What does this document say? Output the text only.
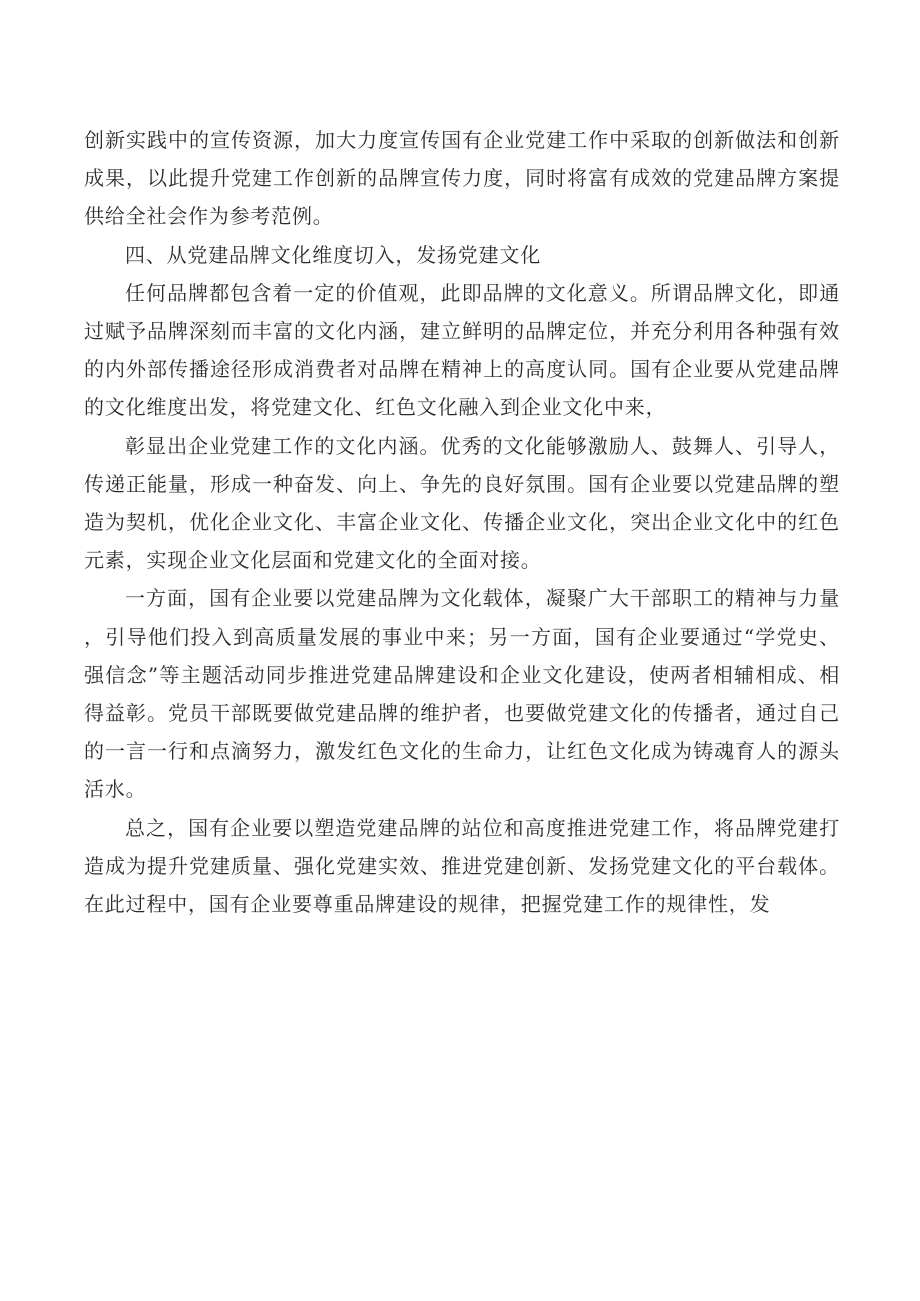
创新实践中的宣传资源，加大力度宣传国有企业党建工作中采取的创新做法和创新成果，以此提升党建工作创新的品牌宣传力度，同时将富有成效的党建品牌方案提供给全社会作为参考范例。

四、从党建品牌文化维度切入，发扬党建文化

任何品牌都包含着一定的价值观，此即品牌的文化意义。所谓品牌文化，即通过赋予品牌深刻而丰富的文化内涵，建立鲜明的品牌定位，并充分利用各种强有效的内外部传播途径形成消费者对品牌在精神上的高度认同。国有企业要从党建品牌的文化维度出发，将党建文化、红色文化融入到企业文化中来，

彰显出企业党建工作的文化内涵。优秀的文化能够激励人、鼓舞人、引导人，传递正能量，形成一种奋发、向上、争先的良好氛围。国有企业要以党建品牌的塑造为契机，优化企业文化、丰富企业文化、传播企业文化，突出企业文化中的红色元素，实现企业文化层面和党建文化的全面对接。

一方面，国有企业要以党建品牌为文化载体，凝聚广大干部职工的精神与力量，引导他们投入到高质量发展的事业中来；另一方面，国有企业要通过“学党史、强信念”等主题活动同步推进党建品牌建设和企业文化建设，使两者相辅相成、相得益彰。党员干部既要做党建品牌的维护者，也要做党建文化的传播者，通过自己的一言一行和点滴努力，激发红色文化的生命力，让红色文化成为铸魂育人的源头活水。

总之，国有企业要以塑造党建品牌的站位和高度推进党建工作，将品牌党建打造成为提升党建质量、强化党建实效、推进党建创新、发扬党建文化的平台载体。在此过程中，国有企业要尊重品牌建设的规律，把握党建工作的规律性，发
